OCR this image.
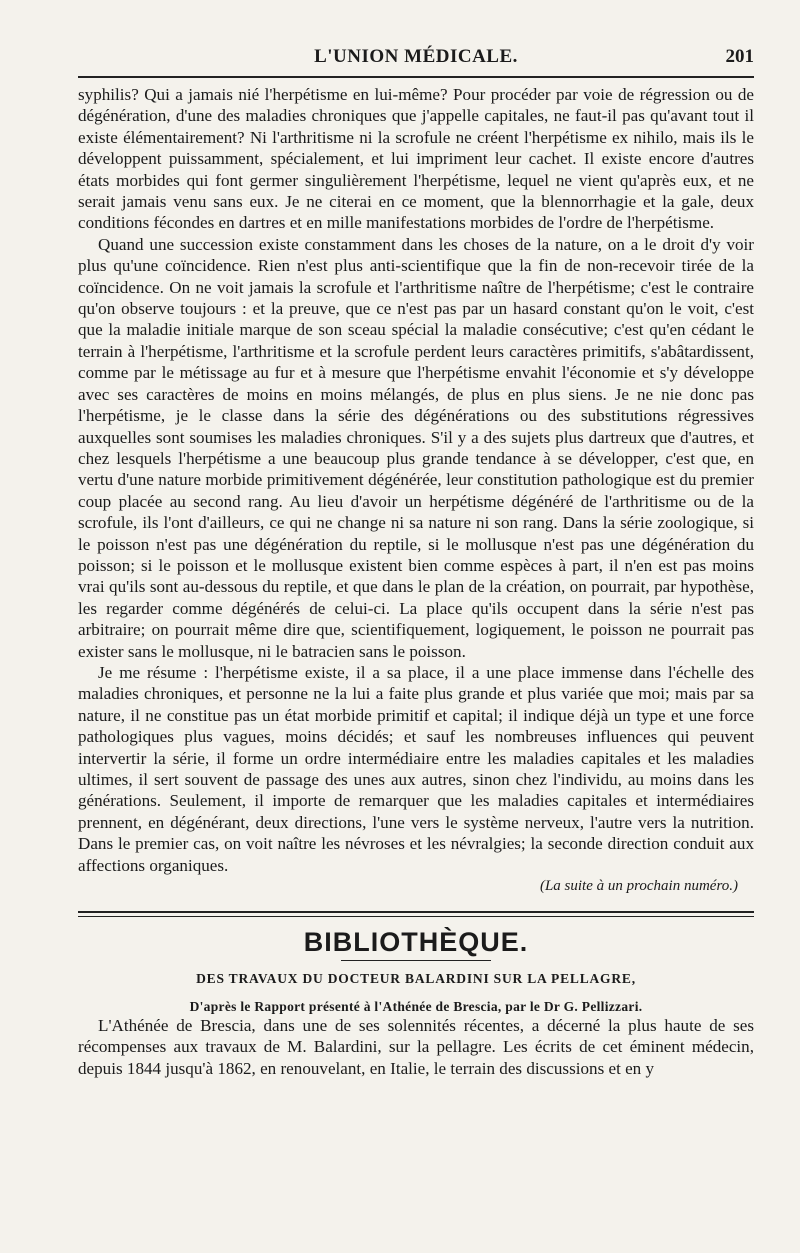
L'UNION MÉDICALE.	201

syphilis? Qui a jamais nié l'herpétisme en lui-même? Pour procéder par voie de régression ou de dégénération, d'une des maladies chroniques que j'appelle capitales, ne faut-il pas qu'avant tout il existe élémentairement? Ni l'arthritisme ni la scrofule ne créent l'herpétisme ex nihilo, mais ils le développent puissamment, spécialement, et lui impriment leur cachet. Il existe encore d'autres états morbides qui font germer singulièrement l'herpétisme, lequel ne vient qu'après eux, et ne serait jamais venu sans eux. Je ne citerai en ce moment, que la blennorrhagie et la gale, deux conditions fécondes en dartres et en mille manifestations morbides de l'ordre de l'herpétisme.

Quand une succession existe constamment dans les choses de la nature, on a le droit d'y voir plus qu'une coïncidence. Rien n'est plus anti-scientifique que la fin de non-recevoir tirée de la coïncidence. On ne voit jamais la scrofule et l'arthritisme naître de l'herpétisme; c'est le contraire qu'on observe toujours : et la preuve, que ce n'est pas par un hasard constant qu'on le voit, c'est que la maladie initiale marque de son sceau spécial la maladie consécutive; c'est qu'en cédant le terrain à l'herpétisme, l'arthritisme et la scrofule perdent leurs caractères primitifs, s'abâtardissent, comme par le métissage au fur et à mesure que l'herpétisme envahit l'économie et s'y développe avec ses caractères de moins en moins mélangés, de plus en plus siens. Je ne nie donc pas l'herpétisme, je le classe dans la série des dégénérations ou des substitutions régressives auxquelles sont soumises les maladies chroniques. S'il y a des sujets plus dartreux que d'autres, et chez lesquels l'herpétisme a une beaucoup plus grande tendance à se développer, c'est que, en vertu d'une nature morbide primitivement dégénérée, leur constitution pathologique est du premier coup placée au second rang. Au lieu d'avoir un herpétisme dégénéré de l'arthritisme ou de la scrofule, ils l'ont d'ailleurs, ce qui ne change ni sa nature ni son rang. Dans la série zoologique, si le poisson n'est pas une dégénération du reptile, si le mollusque n'est pas une dégénération du poisson; si le poisson et le mollusque existent bien comme espèces à part, il n'en est pas moins vrai qu'ils sont au-dessous du reptile, et que dans le plan de la création, on pourrait, par hypothèse, les regarder comme dégénérés de celui-ci. La place qu'ils occupent dans la série n'est pas arbitraire; on pourrait même dire que, scientifiquement, logiquement, le poisson ne pourrait pas exister sans le mollusque, ni le batracien sans le poisson.

Je me résume : l'herpétisme existe, il a sa place, il a une place immense dans l'échelle des maladies chroniques, et personne ne la lui a faite plus grande et plus variée que moi; mais par sa nature, il ne constitue pas un état morbide primitif et capital; il indique déjà un type et une force pathologiques plus vagues, moins décidés; et sauf les nombreuses influences qui peuvent intervertir la série, il forme un ordre intermédiaire entre les maladies capitales et les maladies ultimes, il sert souvent de passage des unes aux autres, sinon chez l'individu, au moins dans les générations. Seulement, il importe de remarquer que les maladies capitales et intermédiaires prennent, en dégénérant, deux directions, l'une vers le système nerveux, l'autre vers la nutrition. Dans le premier cas, on voit naître les névroses et les névralgies; la seconde direction conduit aux affections organiques.

(La suite à un prochain numéro.)
BIBLIOTHÈQUE.
DES TRAVAUX DU DOCTEUR BALARDINI SUR LA PELLAGRE,
D'après le Rapport présenté à l'Athénée de Brescia, par le Dr G. Pellizzari.

L'Athénée de Brescia, dans une de ses solennités récentes, a décerné la plus haute de ses récompenses aux travaux de M. Balardini, sur la pellagre. Les écrits de cet éminent médecin, depuis 1844 jusqu'à 1862, en renouvelant, en Italie, le terrain des discussions et en y
